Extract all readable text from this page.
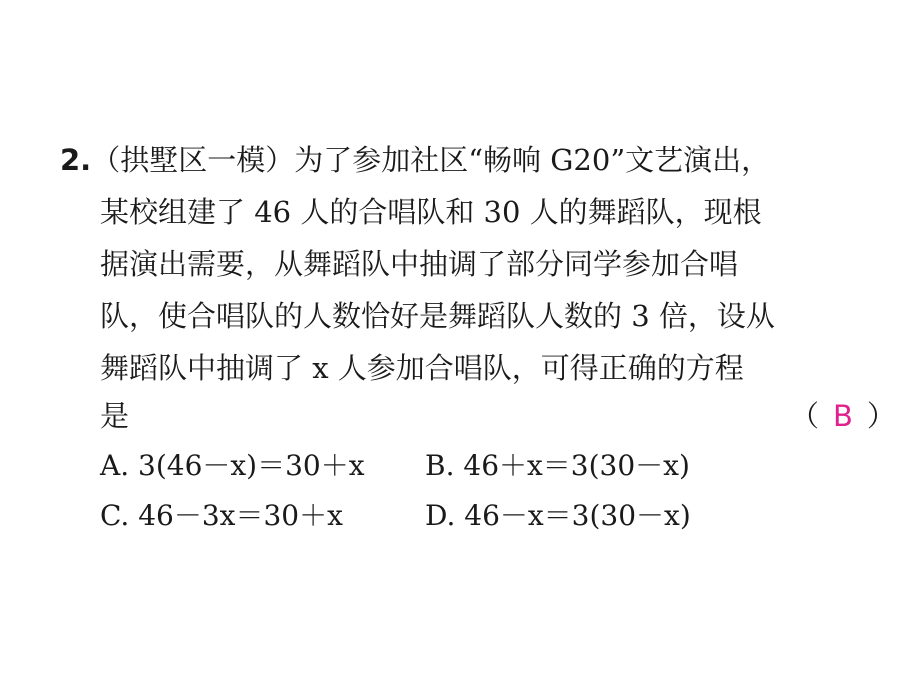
2.（拱墅区一模）为了参加社区“畅响 G20”文艺演出，
某校组建了 46 人的合唱队和 30 人的舞蹈队，现根
据演出需要，从舞蹈队中抽调了部分同学参加合唱
队，使合唱队的人数恰好是舞蹈队人数的 3 倍，设从
舞蹈队中抽调了 x 人参加合唱队，可得正确的方程
是	（ B ）
A. 3(46－x)＝30＋x B. 46＋x＝3(30－x)
C. 46－3x＝30＋x	D. 46－x＝3(30－x)
